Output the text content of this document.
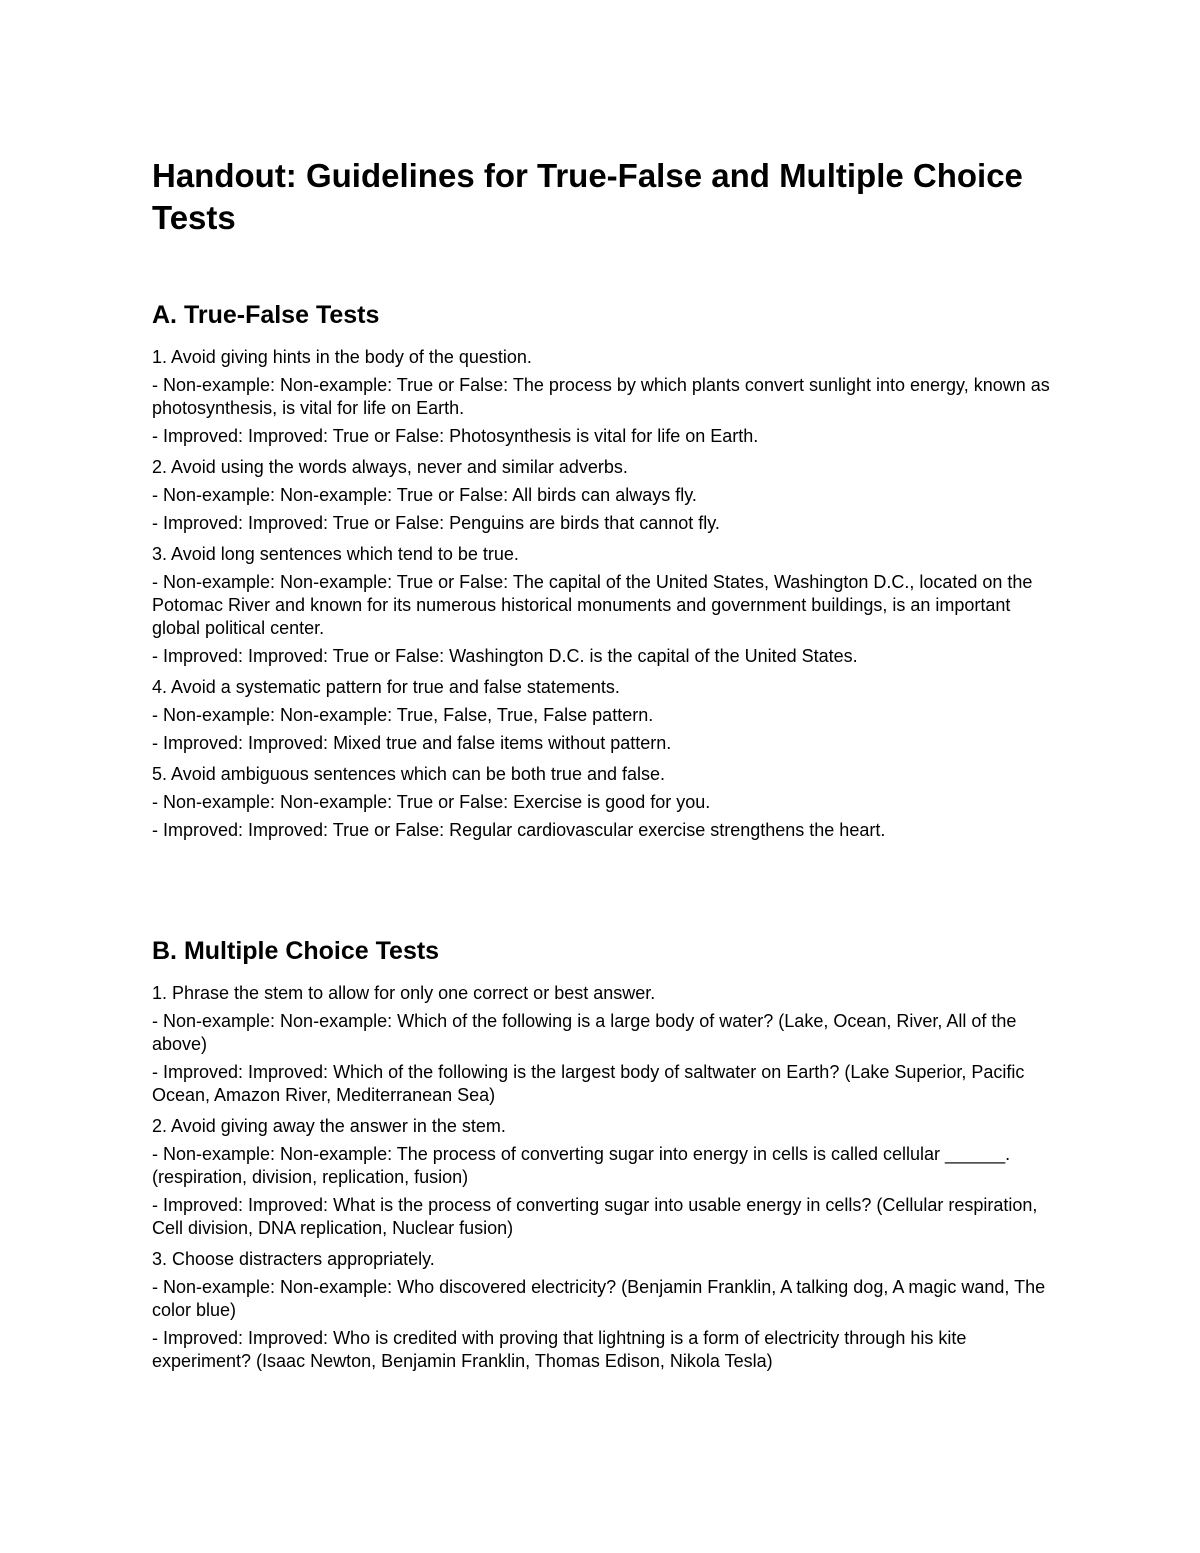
Handout: Guidelines for True-False and Multiple Choice Tests
A. True-False Tests

1. Avoid giving hints in the body of the question.

- Non-example: Non-example: True or False: The process by which plants convert sunlight into energy, known as photosynthesis, is vital for life on Earth.

- Improved: Improved: True or False: Photosynthesis is vital for life on Earth.

2. Avoid using the words always, never and similar adverbs.

- Non-example: Non-example: True or False: All birds can always fly.

- Improved: Improved: True or False: Penguins are birds that cannot fly.

3. Avoid long sentences which tend to be true.

- Non-example: Non-example: True or False: The capital of the United States, Washington D.C., located on the Potomac River and known for its numerous historical monuments and government buildings, is an important global political center.

- Improved: Improved: True or False: Washington D.C. is the capital of the United States.

4. Avoid a systematic pattern for true and false statements.

- Non-example: Non-example: True, False, True, False pattern.

- Improved: Improved: Mixed true and false items without pattern.

5. Avoid ambiguous sentences which can be both true and false.

- Non-example: Non-example: True or False: Exercise is good for you.

- Improved: Improved: True or False: Regular cardiovascular exercise strengthens the heart.

B. Multiple Choice Tests

1. Phrase the stem to allow for only one correct or best answer.

- Non-example: Non-example: Which of the following is a large body of water? (Lake, Ocean, River, All of the above)

- Improved: Improved: Which of the following is the largest body of saltwater on Earth? (Lake Superior, Pacific Ocean, Amazon River, Mediterranean Sea)

2. Avoid giving away the answer in the stem.

- Non-example: Non-example: The process of converting sugar into energy in cells is called cellular ______. (respiration, division, replication, fusion)

- Improved: Improved: What is the process of converting sugar into usable energy in cells? (Cellular respiration, Cell division, DNA replication, Nuclear fusion)

3. Choose distracters appropriately.

- Non-example: Non-example: Who discovered electricity? (Benjamin Franklin, A talking dog, A magic wand, The color blue)

- Improved: Improved: Who is credited with proving that lightning is a form of electricity through his kite experiment? (Isaac Newton, Benjamin Franklin, Thomas Edison, Nikola Tesla)
